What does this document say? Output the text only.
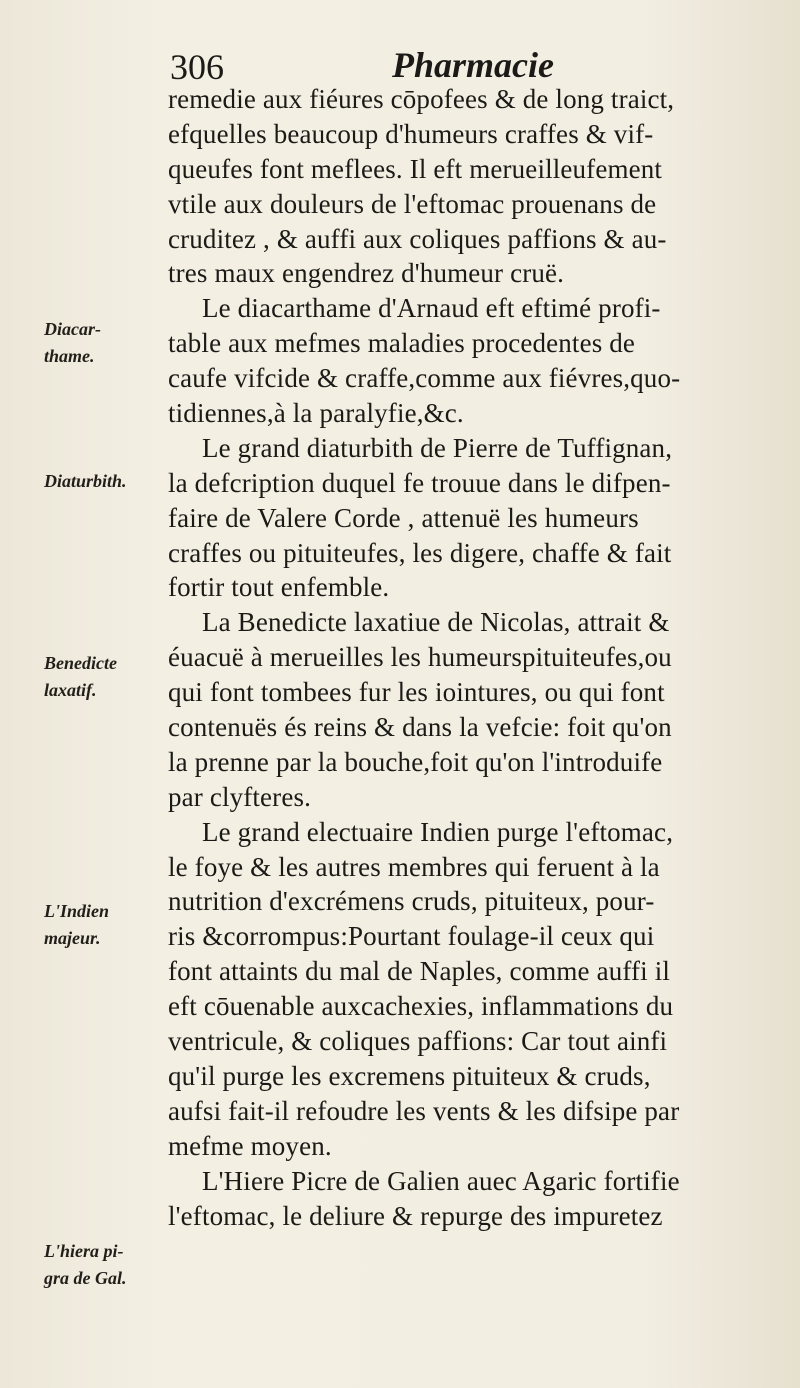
306	Pharmacie
remedie aux fiéures cōpofees & de long traict,
efquelles beaucoup d'humeurs craffes & vif-
queufes font meflees. Il eft merueilleufement
vtile aux douleurs de l'eftomac prouenans de
cruditez , & auffi aux coliques paffions & au-
tres maux engendrez d'humeur cruë.
Le diacarthame d'Arnaud eft eftimé profi-
table aux mefmes maladies procedentes de
caufe vifcide & craffe,comme aux fiévres,quo-
tidiennes,à la paralyfie,&c.
Le grand diaturbith de Pierre de Tuffignan,
la defcription duquel fe trouue dans le difpen-
faire de Valere Corde , attenuë les humeurs
craffes ou pituiteufes, les digere, chaffe & fait
fortir tout enfemble.
La Benedicte laxatiue de Nicolas, attrait &
éuacuë à merueilles les humeurspituiteufes,ou
qui font tombees fur les iointures, ou qui font
contenuës és reins & dans la vefcie: foit qu'on
la prenne par la bouche,foit qu'on l'introduife
par clyfteres.
Le grand electuaire Indien purge l'eftomac,
le foye & les autres membres qui feruent à la
nutrition d'excrémens cruds, pituiteux, pour-
ris &corrompus:Pourtant foulage-il ceux qui
font attaints du mal de Naples, comme auffi il
eft cōuenable auxcachexies, inflammations du
ventricule, & coliques paffions: Car tout ainfi
qu'il purge les excremens pituiteux & cruds,
aufsi fait-il refoudre les vents & les difsipe par
mefme moyen.
L'Hiere Picre de Galien auec Agaric fortifie
l'eftomac, le deliure & repurge des impuretez
Diacar-
thame.
Diaturbith.
Benedicte
laxatif.
L'Indien
majeur.
L'hiera pi-
gra de Gal.
